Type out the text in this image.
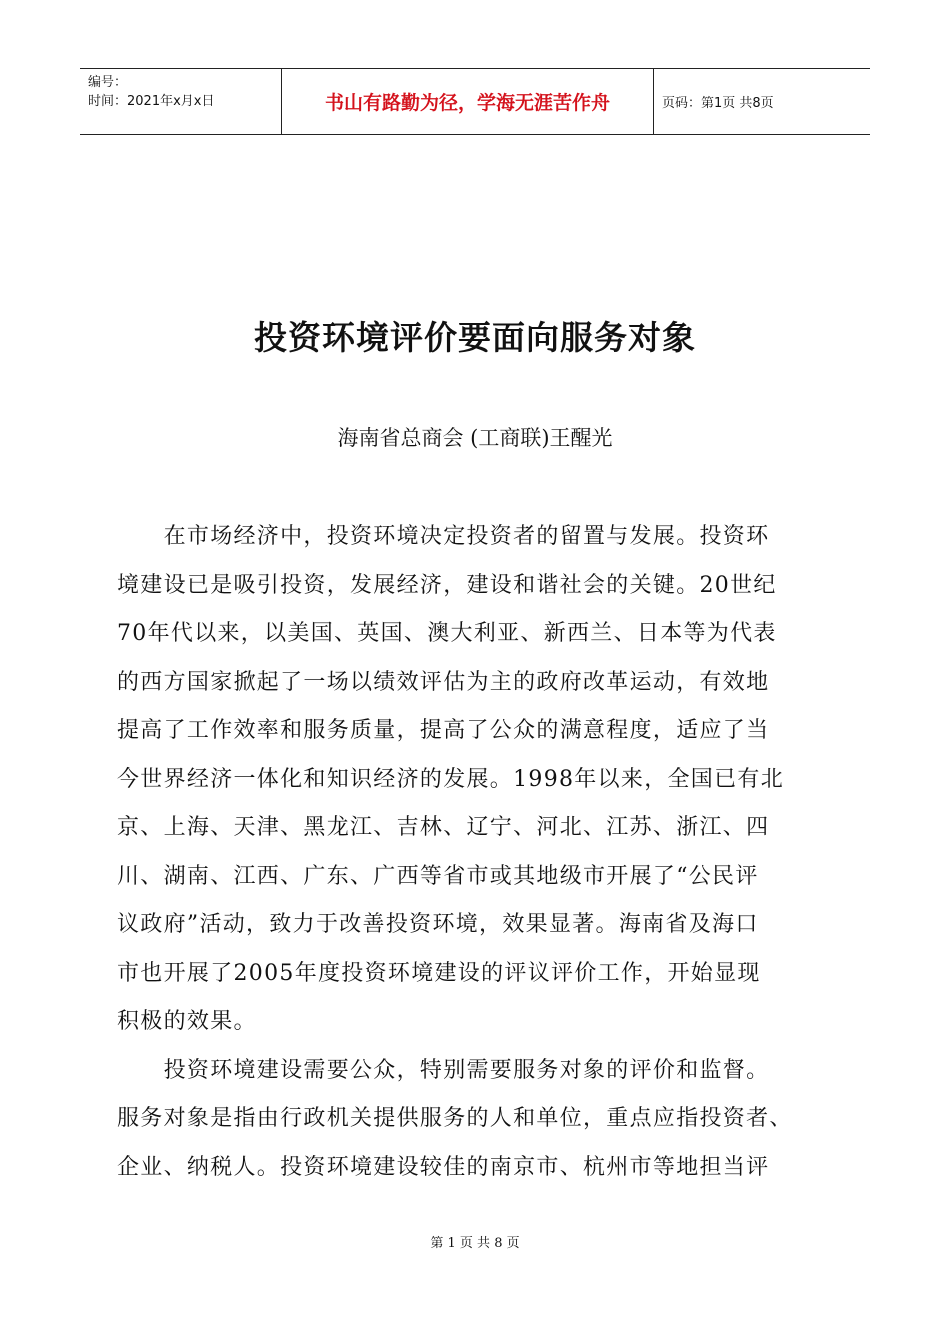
编号：
时间：2021年x月x日	书山有路勤为径，学海无涯苦作舟	页码：第1页 共8页
投资环境评价要面向服务对象
海南省总商会 (工商联)王醒光

　　在市场经济中，投资环境决定投资者的留置与发展。投资环
境建设已是吸引投资，发展经济，建设和谐社会的关键。20世纪
70年代以来，以美国、英国、澳大利亚、新西兰、日本等为代表
的西方国家掀起了一场以绩效评估为主的政府改革运动，有效地
提高了工作效率和服务质量，提高了公众的满意程度，适应了当
今世界经济一体化和知识经济的发展。1998年以来，全国已有北
京、上海、天津、黑龙江、吉林、辽宁、河北、江苏、浙江、四
川、湖南、江西、广东、广西等省市或其地级市开展了“公民评
议政府”活动，致力于改善投资环境，效果显著。海南省及海口
市也开展了2005年度投资环境建设的评议评价工作，开始显现
积极的效果。

　　投资环境建设需要公众，特别需要服务对象的评价和监督。
服务对象是指由行政机关提供服务的人和单位，重点应指投资者、
企业、纳税人。投资环境建设较佳的南京市、杭州市等地担当评

第 1 页 共 8 页
